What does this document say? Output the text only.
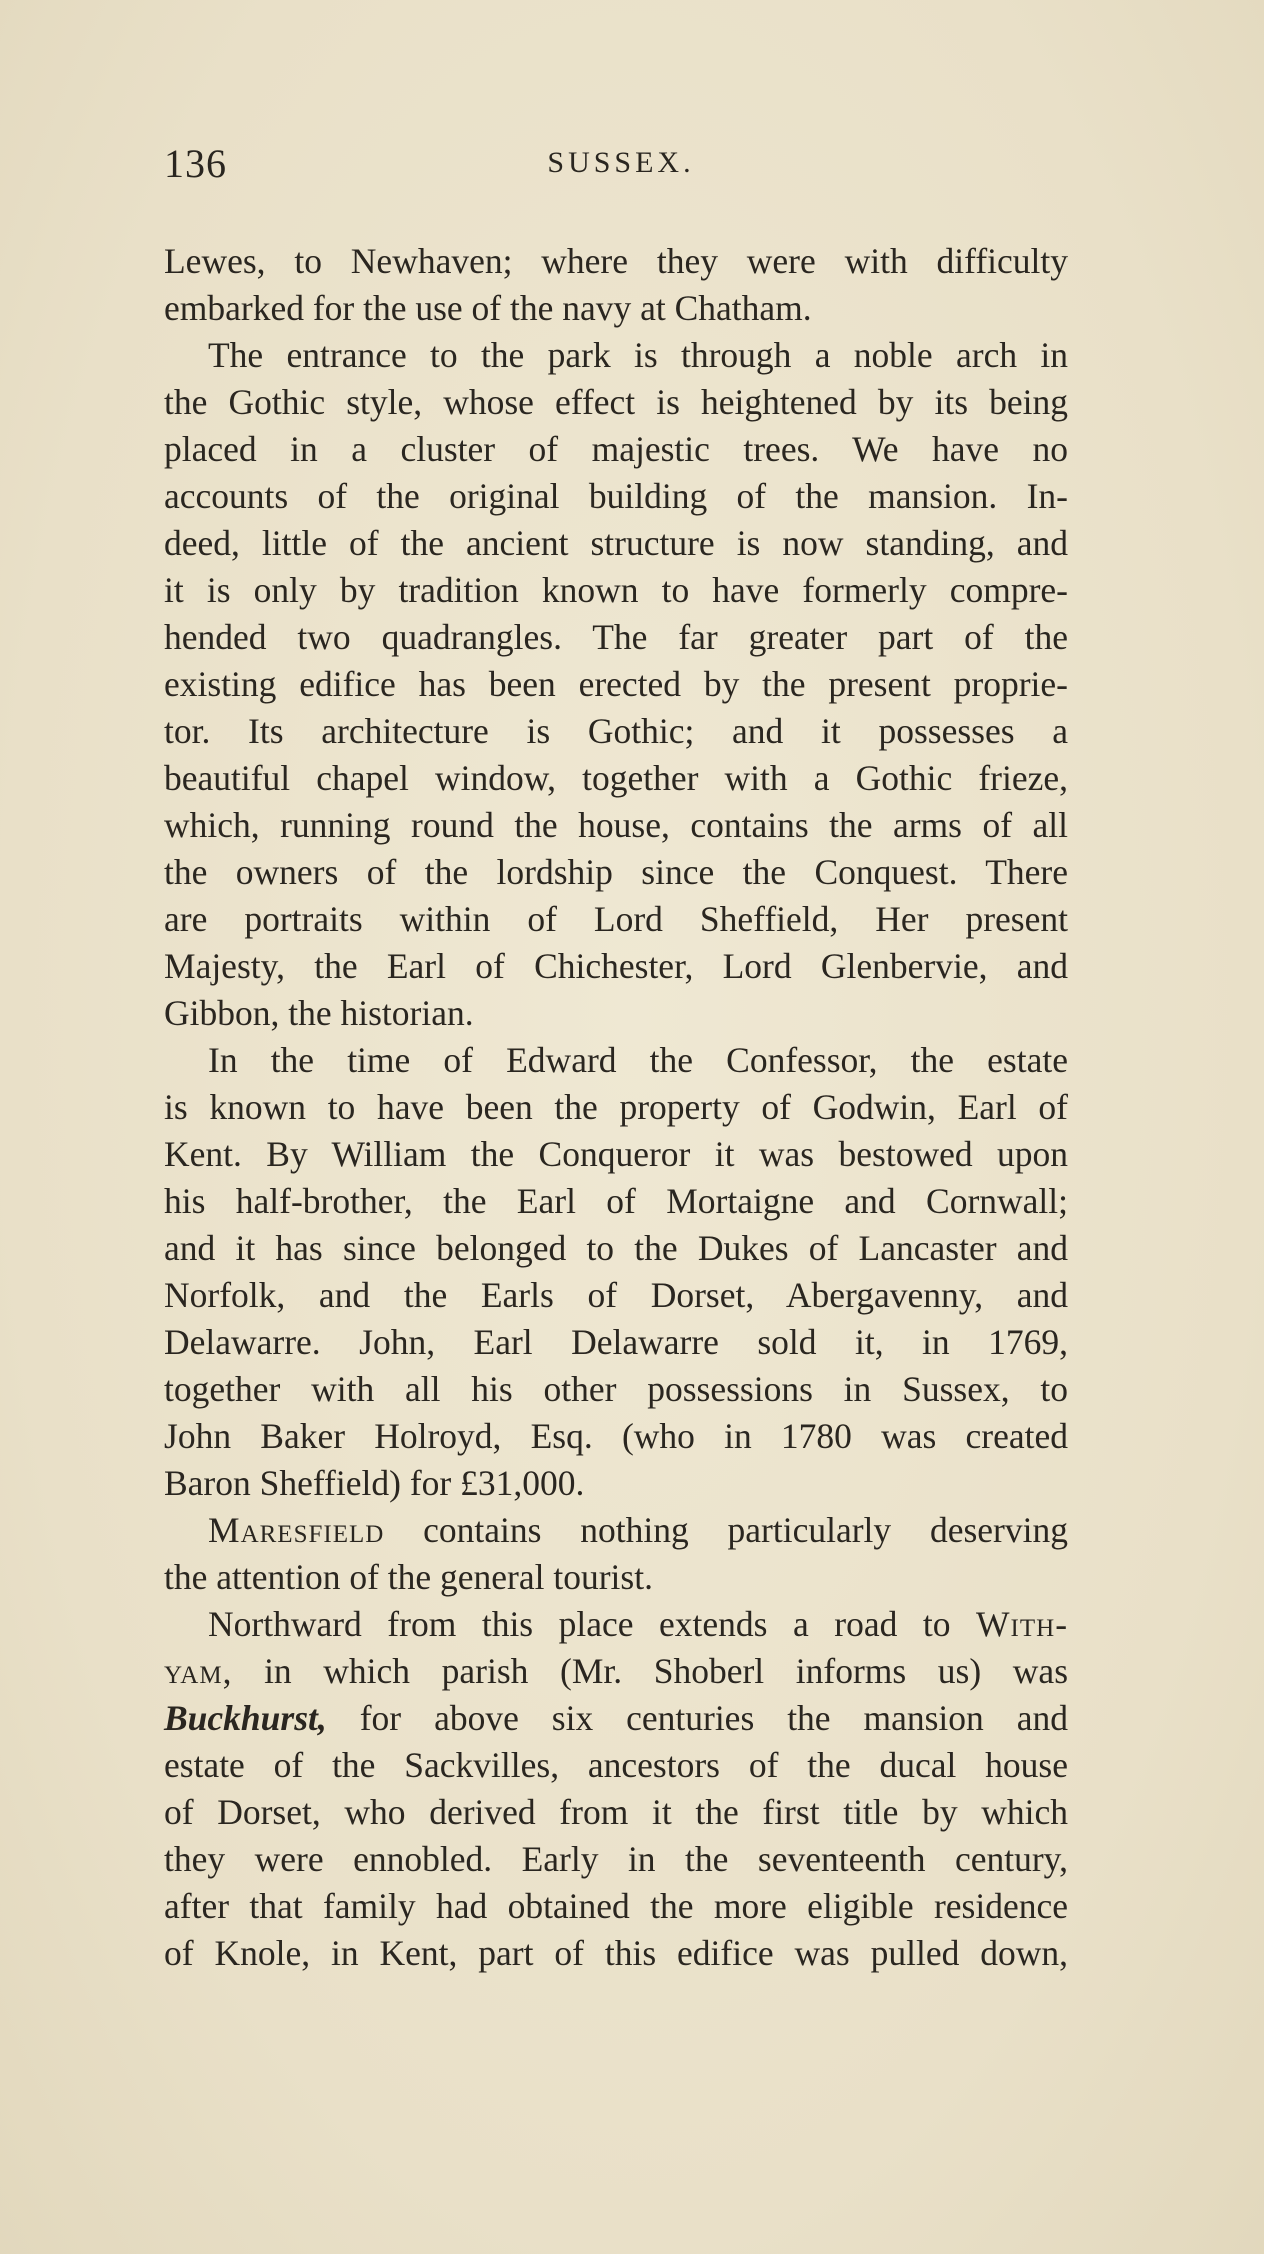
136	SUSSEX.
Lewes, to Newhaven; where they were with difficulty
embarked for the use of the navy at Chatham.
The entrance to the park is through a noble arch in
the Gothic style, whose effect is heightened by its being
placed in a cluster of majestic trees. We have no
accounts of the original building of the mansion. In-
deed, little of the ancient structure is now standing, and
it is only by tradition known to have formerly compre-
hended two quadrangles. The far greater part of the
existing edifice has been erected by the present proprie-
tor. Its architecture is Gothic; and it possesses a
beautiful chapel window, together with a Gothic frieze,
which, running round the house, contains the arms of all
the owners of the lordship since the Conquest. There
are portraits within of Lord Sheffield, Her present
Majesty, the Earl of Chichester, Lord Glenbervie, and
Gibbon, the historian.
In the time of Edward the Confessor, the estate
is known to have been the property of Godwin, Earl of
Kent. By William the Conqueror it was bestowed upon
his half-brother, the Earl of Mortaigne and Cornwall;
and it has since belonged to the Dukes of Lancaster and
Norfolk, and the Earls of Dorset, Abergavenny, and
Delawarre. John, Earl Delawarre sold it, in 1769,
together with all his other possessions in Sussex, to
John Baker Holroyd, Esq. (who in 1780 was created
Baron Sheffield) for £31,000.
Maresfield contains nothing particularly deserving
the attention of the general tourist.
Northward from this place extends a road to With-
yam, in which parish (Mr. Shoberl informs us) was
Buckhurst, for above six centuries the mansion and
estate of the Sackvilles, ancestors of the ducal house
of Dorset, who derived from it the first title by which
they were ennobled. Early in the seventeenth century,
after that family had obtained the more eligible residence
of Knole, in Kent, part of this edifice was pulled down,
